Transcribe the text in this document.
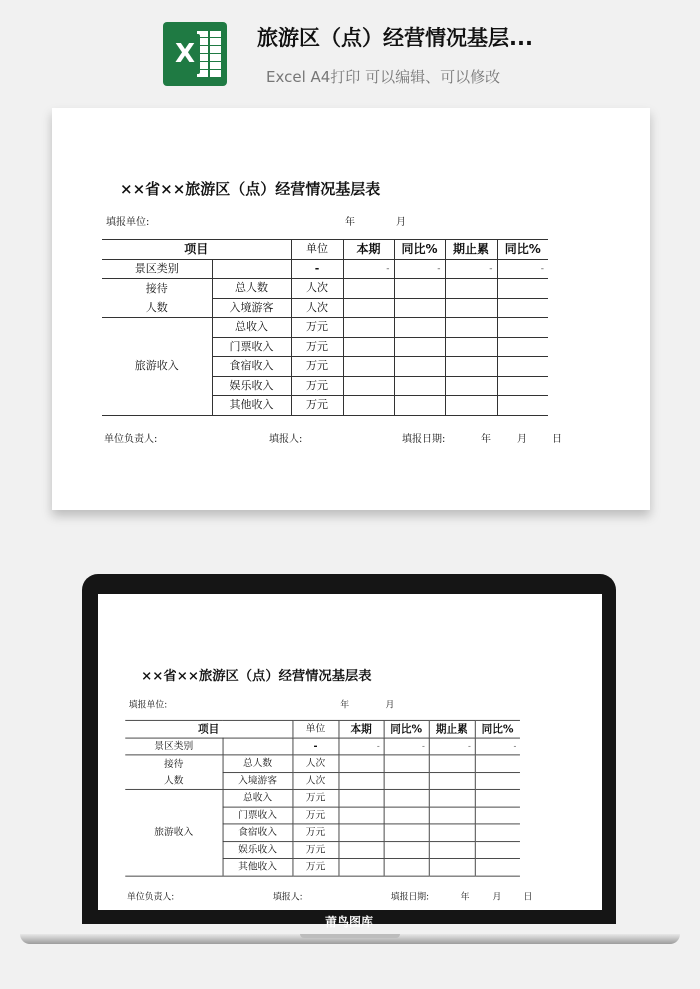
X
旅游区（点）经营情况基层...
Excel A4打印 可以编辑、可以修改
××省××旅游区（点）经营情况基层表
填报单位:	年	月
项目		单位	本期	同比%	期止累	同比%
景区类别		-	-	-	-	-
接待	总人数	人次				
人数	入境游客	人次				
旅游收入	总收入	万元				
	门票收入	万元				
	食宿收入	万元				
	娱乐收入	万元				
	其他收入	万元				
单位负责人:	填报人:	填报日期:	年	月	日
××省××旅游区（点）经营情况基层表
填报单位:	年	月
项目		单位	本期	同比%	期止累	同比%
景区类别		-	-	-	-	-
接待	总人数	人次				
人数	入境游客	人次				
旅游收入	总收入	万元				
	门票收入	万元				
	食宿收入	万元				
	娱乐收入	万元				
	其他收入	万元				
单位负责人:	填报人:	填报日期:	年 月 日
莆鸟图库
